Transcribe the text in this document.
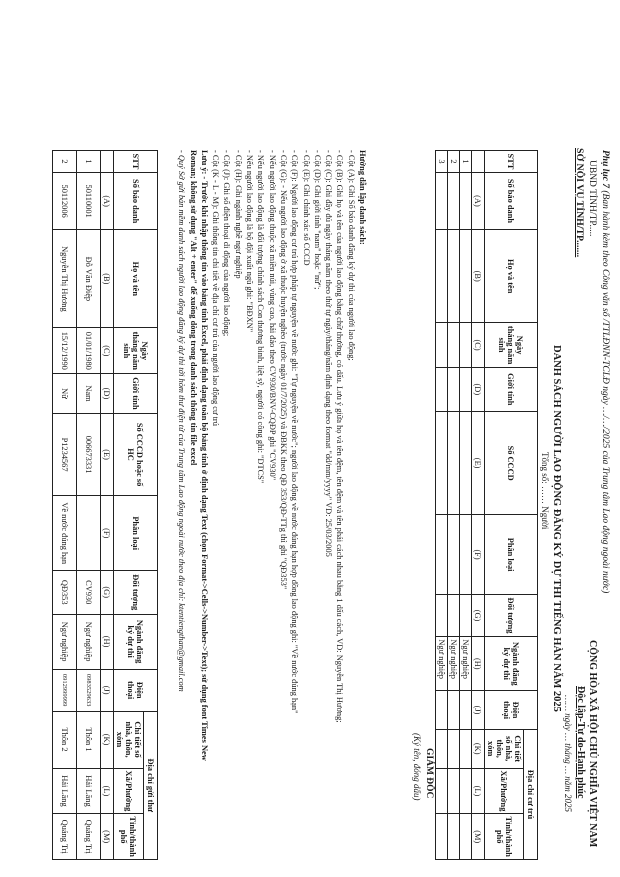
Phụ lục 7 (Ban hành kèm theo Công văn số /TTLĐNN-TCLĐ ngày …/…/2025 của Trung tâm Lao động ngoài nước)
UBND TỈNH/TP.....
SỞ NỘI VỤ TỈNH/TP.......
CỘNG HÒA XÃ HỘI CHỦ NGHĨA VIỆT NAM
Độc lập-Tự do-Hạnh phúc
…… ngày … tháng … năm 2025
DANH SÁCH NGƯỜI LAO ĐỘNG ĐĂNG KÝ DỰ THI TIẾNG HÀN NĂM 2025
Tổng số: …… Người
STT	Số báo danh	Họ và tên	Ngày tháng năm sinh	Giới tính	Số CCCD	Phân loại	Đối tượng	Ngành đăng ký dự thi	Điện thoại	Địa chỉ cư trú		
										Chi tiết số nhà, thôn, xóm	Xã/Phường	Tỉnh/thành phố
	(A)	(B)	(C)	(D)	(E)	(F)	(G)	(H)	(J)	(K)	(L)	(M)
1								Ngư nghiệp				
2								Ngư nghiệp				
3								Ngư nghiệp				
GIÁM ĐỐC
(Ký tên, đóng dấu)
Hướng dẫn lập danh sách:
- Cột (A): Ghi Số báo danh đăng ký dự thi của người lao động;
- Cột (B): Ghi họ và tên của người lao động bằng chữ thường, có dấu. Lưu ý giữa họ và tên đệm, tên đệm và tên phải cách nhau bằng 1 dấu cách, VD: Nguyễn Thị Hương;
- Cột (C): Ghi đầy đủ ngày tháng năm theo thứ tự ngày/tháng/năm định dạng theo format "dd/mm/yyyy" VD: 25/03/2005
- Cột (D): Ghi giới tính "nam" hoặc "nữ";
- Cột (E): Ghi chính xác số CCCD
- Cột (F): Người lao động cư trú hợp pháp tự nguyện về nước ghi: "Tự nguyện về nước"; người lao động về nước đúng hạn hợp đồng lao động ghi: "Về nước đúng hạn"
- Cột (G): - Nếu người lao động ở xã thuộc huyện nghèo (trước ngày 01/7/2025) và ĐBKK theo QĐ 353/QĐ-TTg thì ghi "QĐ353"
- Nếu người lao động thuộc xã miền núi, vùng cao, hải đảo theo CV930/BNV-CQĐP ghi "CV930"
- Nếu người lao động là đối tượng chính sách Con thương binh, liệt sỹ, người có công ghi: "DTCS"
- Nếu người lao động là bộ đội xuất ngũ ghi: "BĐXN"
- Cột (H): Ghi ngành nghề ngư nghiệp
- Cột (J): Ghi số điện thoại di động của người lao động;
- Cột (K - L - M): Ghi thông tin chi tiết về địa chỉ cư trú của người lao động cư trú
Lưu ý: - Trước khi nhập thông tin vào bảng tính Excel, phải định dạng toàn bộ bảng tính ở định dạng Text (chọn Format->Cells->Number->Text); sử dụng font Times New Roman; không sử dụng "Alt + enter" để xuống dòng trong danh sách thông tin file excel
- Quý Sở gửi bản mềm danh sách người lao động đăng ký dự thi tới hòm thư điện tử của Trung tâm Lao động ngoài nước theo địa chỉ: ktentiengthan@gmail.com
STT	Số báo danh	Họ và tên	Ngày tháng năm sinh	Giới tính	Số CCCD hoặc số HC	Phân loại	Đối tượng	Ngành đăng ký dự thi	Điện thoại	Địa chỉ gửi thư		
										Chi tiết số nhà, thôn, xóm	Xã/Phường	Tỉnh/thành phố
	(A)	(B)	(C)	(D)	(E)	(F)	(G)	(H)	(J)	(K)	(L)	(M)
1	50110001	Đỗ Văn Điệp	01/01/1980	Nam	006673331		CV930	Ngư nghiệp	0983529633	Thôn 1	Hải Lăng	Quảng Trị
2	50112006	Nguyễn Thị Hương	15/12/1990	Nữ	P1234567	Về nước đúng hạn	QĐ353	Ngư nghiệp	0912999999	Thôn 2	Hải Lăng	Quảng Trị
